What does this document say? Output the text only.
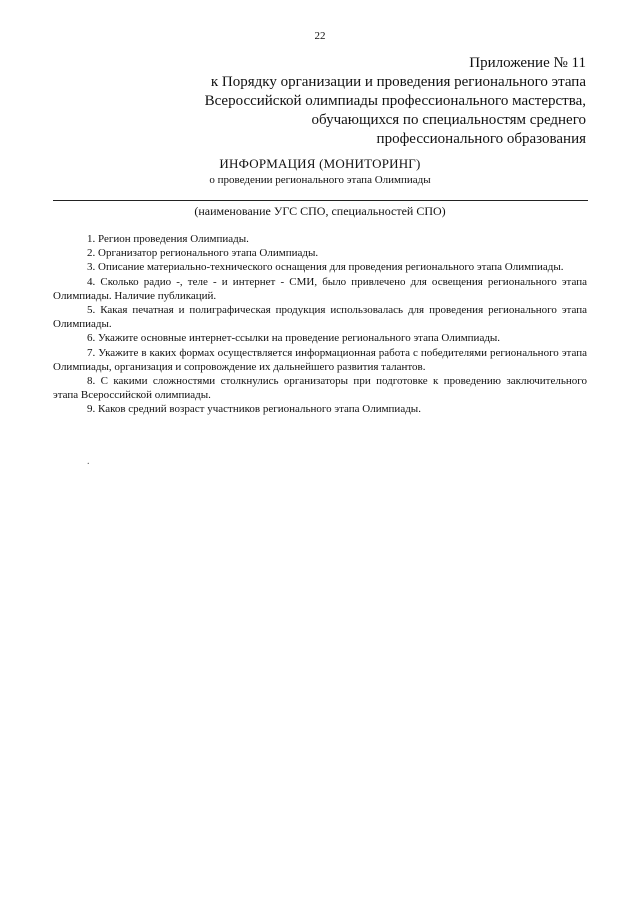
22
Приложение № 11
к Порядку организации и проведения регионального этапа
Всероссийской олимпиады профессионального мастерства,
обучающихся по специальностям среднего
профессионального образования
ИНФОРМАЦИЯ (МОНИТОРИНГ)
о проведении регионального этапа Олимпиады
(наименование УГС СПО, специальностей СПО)

1. Регион проведения Олимпиады.

2. Организатор регионального этапа Олимпиады.

3. Описание материально-технического оснащения для проведения регионального этапа Олимпиады.

4. Сколько радио -, теле - и интернет - СМИ, было привлечено для освещения регионального этапа Олимпиады. Наличие публикаций.

5. Какая печатная и полиграфическая продукция использовалась для проведения регионального этапа Олимпиады.

6. Укажите основные интернет-ссылки на проведение регионального этапа Олимпиады.

7. Укажите в каких формах осуществляется информационная работа с победителями регионального этапа Олимпиады, организация и сопровождение их дальнейшего развития талантов.

8. С какими сложностями столкнулись организаторы при подготовке к проведению заключительного этапа Всероссийской олимпиады.

9. Каков средний возраст участников регионального этапа Олимпиады.

.
